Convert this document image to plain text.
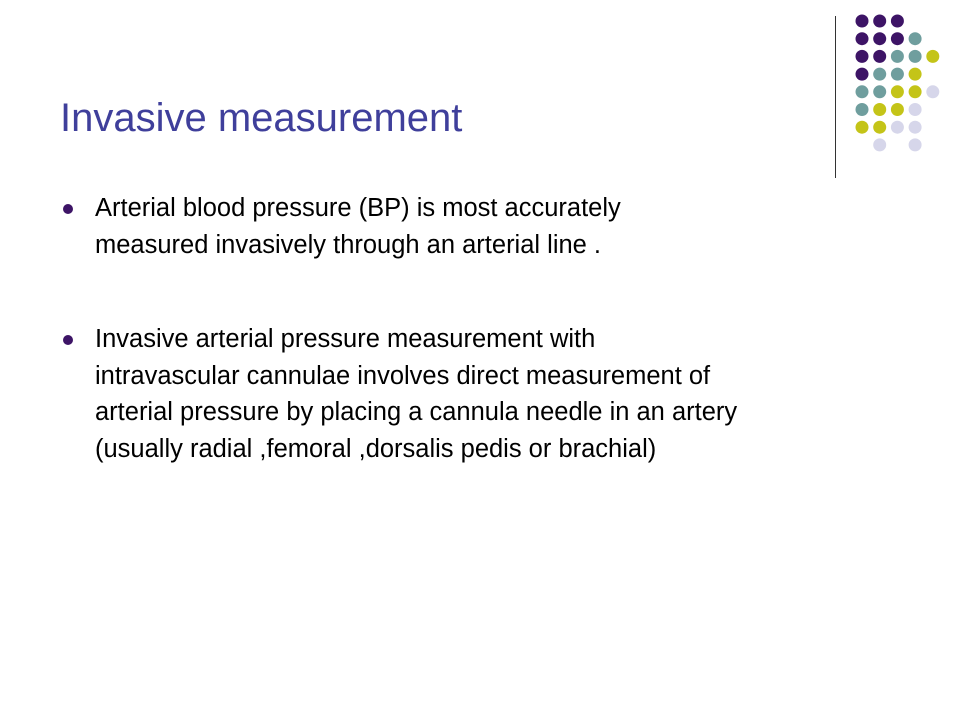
Invasive measurement
Arterial blood pressure (BP) is most accurately
measured invasively through an arterial line .
Invasive arterial pressure measurement with
intravascular cannulae involves direct measurement of
arterial pressure by placing a cannula needle in an artery
(usually radial ,femoral ,dorsalis pedis or brachial)
